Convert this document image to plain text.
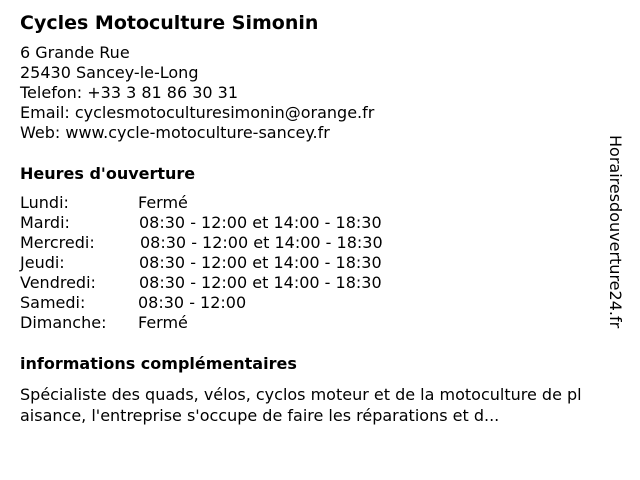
Cycles Motoculture Simonin
6 Grande Rue
25430 Sancey-le-Long
Telefon: +33 3 81 86 30 31
Email: cyclesmotoculturesimonin@orange.fr
Web: www.cycle-motoculture-sancey.fr
Heures d'ouverture
Lundi:	Fermé
Mardi:	08:30 - 12:00 et 14:00 - 18:30
Mercredi:	08:30 - 12:00 et 14:00 - 18:30
Jeudi:	08:30 - 12:00 et 14:00 - 18:30
Vendredi:	08:30 - 12:00 et 14:00 - 18:30
Samedi:	08:30 - 12:00
Dimanche: Fermé
informations complémentaires
Spécialiste des quads, vélos, cyclos moteur et de la motoculture de pl
aisance, l'entreprise s'occupe de faire les réparations et d...
Horairesdouverture24.fr
